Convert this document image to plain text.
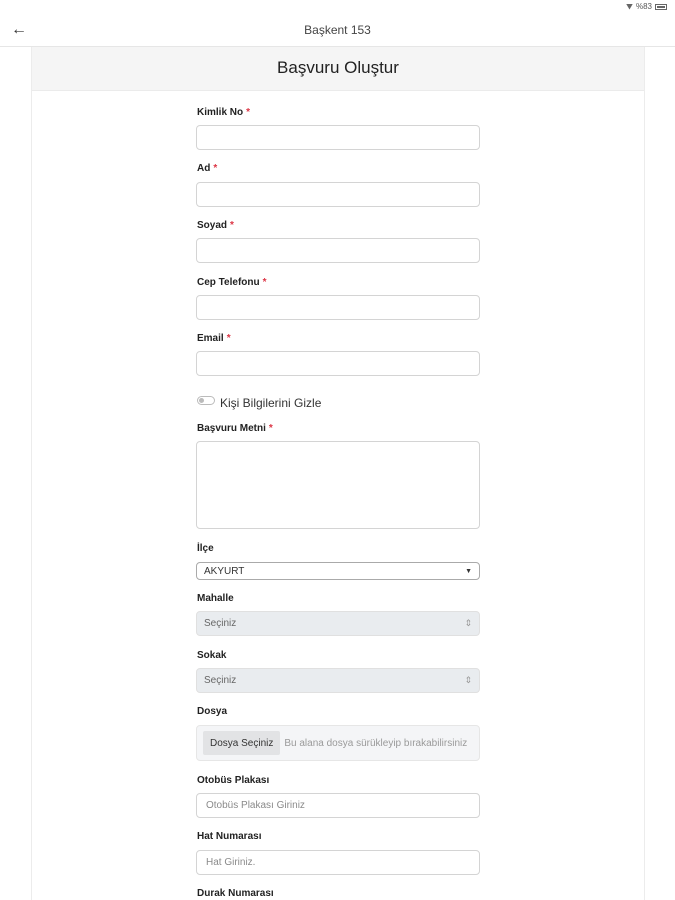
%83
←	Başkent 153
Başvuru Oluştur
Kimlik No *
Ad *
Soyad *
Cep Telefonu *
Email *
Kişi Bilgilerini Gizle
Başvuru Metni *
İlçe
AKYURT	▼
Mahalle
Seçiniz	⇕
Sokak
Seçiniz	⇕
Dosya
Dosya Seçiniz	Bu alana dosya sürükleyip bırakabilirsiniz
Otobüs Plakası
Otobüs Plakası Giriniz
Hat Numarası
Hat Giriniz.
Durak Numarası
